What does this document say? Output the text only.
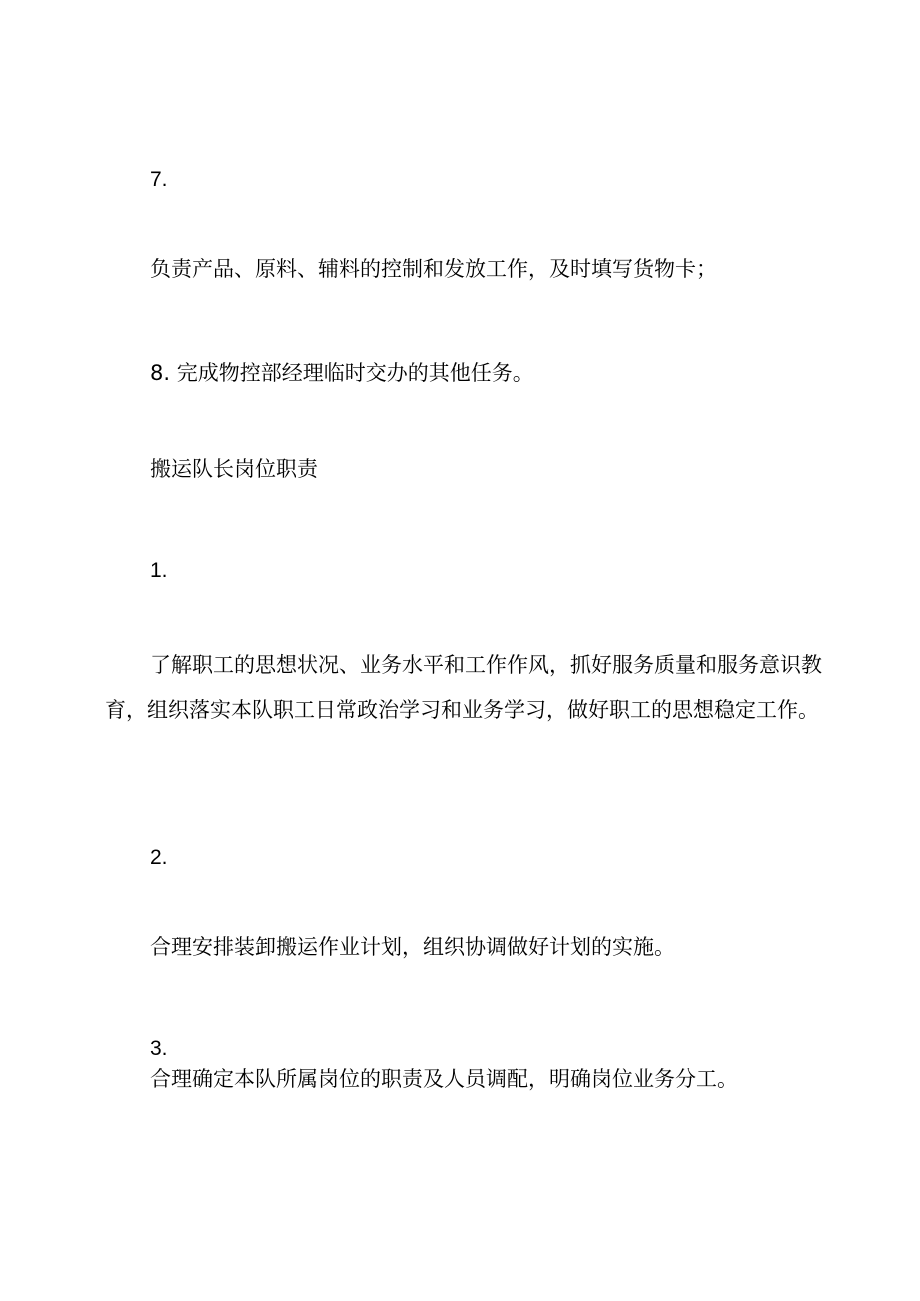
7.
负责产品、原料、辅料的控制和发放工作，及时填写货物卡；
8. 完成物控部经理临时交办的其他任务。
搬运队长岗位职责
1.
了解职工的思想状况、业务水平和工作作风，抓好服务质量和服务意识教育，组织落实本队职工日常政治学习和业务学习，做好职工的思想稳定工作。
2.
合理安排装卸搬运作业计划，组织协调做好计划的实施。
3.
合理确定本队所属岗位的职责及人员调配，明确岗位业务分工。
